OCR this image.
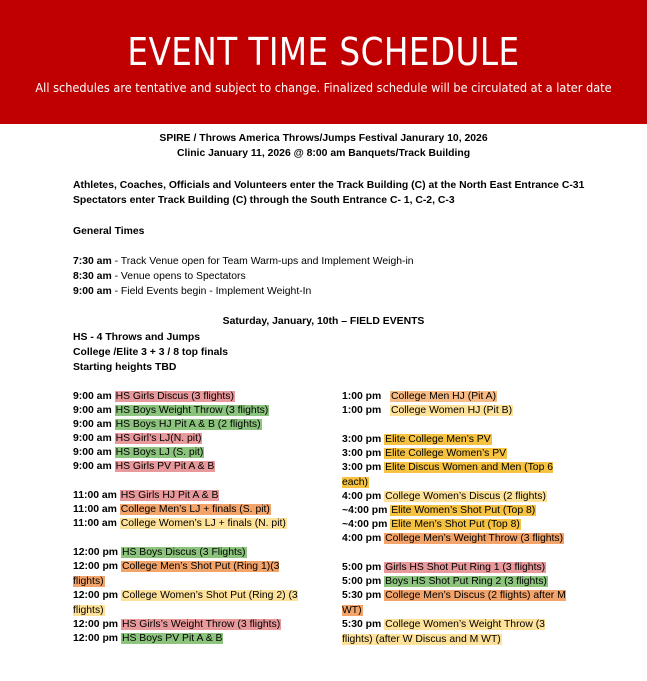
EVENT TIME SCHEDULE
All schedules are tentative and subject to change. Finalized schedule will be circulated at a later date
SPIRE / Throws America Throws/Jumps Festival Janurary 10, 2026
Clinic January 11, 2026 @ 8:00 am Banquets/Track Building
Athletes, Coaches, Officials and Volunteers enter the Track Building (C) at the North East Entrance C-31
Spectators enter Track Building (C) through the South Entrance C- 1, C-2, C-3
General Times
7:30 am - Track Venue open for Team Warm-ups and Implement Weigh-in
8:30 am - Venue opens to Spectators
9:00 am - Field Events begin - Implement Weight-In
Saturday, January, 10th – FIELD EVENTS
HS - 4 Throws and Jumps
College /Elite 3 + 3 / 8 top finals
Starting heights TBD
9:00 am HS Girls Discus (3 flights)
9:00 am HS Boys Weight Throw (3 flights)
9:00 am HS Boys HJ Pit A & B (2 flights)
9:00 am HS Girl’s LJ(N. pit)
9:00 am HS Boys LJ (S. pit)
9:00 am HS Girls PV Pit A & B
11:00 am HS Girls HJ Pit A & B
11:00 am College Men’s LJ + finals (S. pit)
11:00 am College Women’s LJ + finals (N. pit)
12:00 pm HS Boys Discus (3 Flights)
12:00 pm College Men’s Shot Put (Ring 1)(3 flights)
12:00 pm College Women’s Shot Put (Ring 2) (3 flights)
12:00 pm HS Girls’s Weight Throw (3 flights)
12:00 pm HS Boys PV Pit A & B
1:00 pm College Men HJ (Pit A)
1:00 pm College Women HJ (Pit B)
3:00 pm Elite College Men’s PV
3:00 pm Elite College Women’s PV
3:00 pm Elite Discus Women and Men (Top 6 each)
4:00 pm College Women’s Discus (2 flights)
~4:00 pm Elite Women’s Shot Put (Top 8)
~4:00 pm Elite Men’s Shot Put (Top 8)
4:00 pm College Men’s Weight Throw (3 flights)
5:00 pm Girls HS Shot Put Ring 1 (3 flights)
5:00 pm Boys HS Shot Put Ring 2 (3 flights)
5:30 pm College Men’s Discus (2 flights) after M WT)
5:30 pm College Women’s Weight Throw (3 flights) (after W Discus and M WT)
